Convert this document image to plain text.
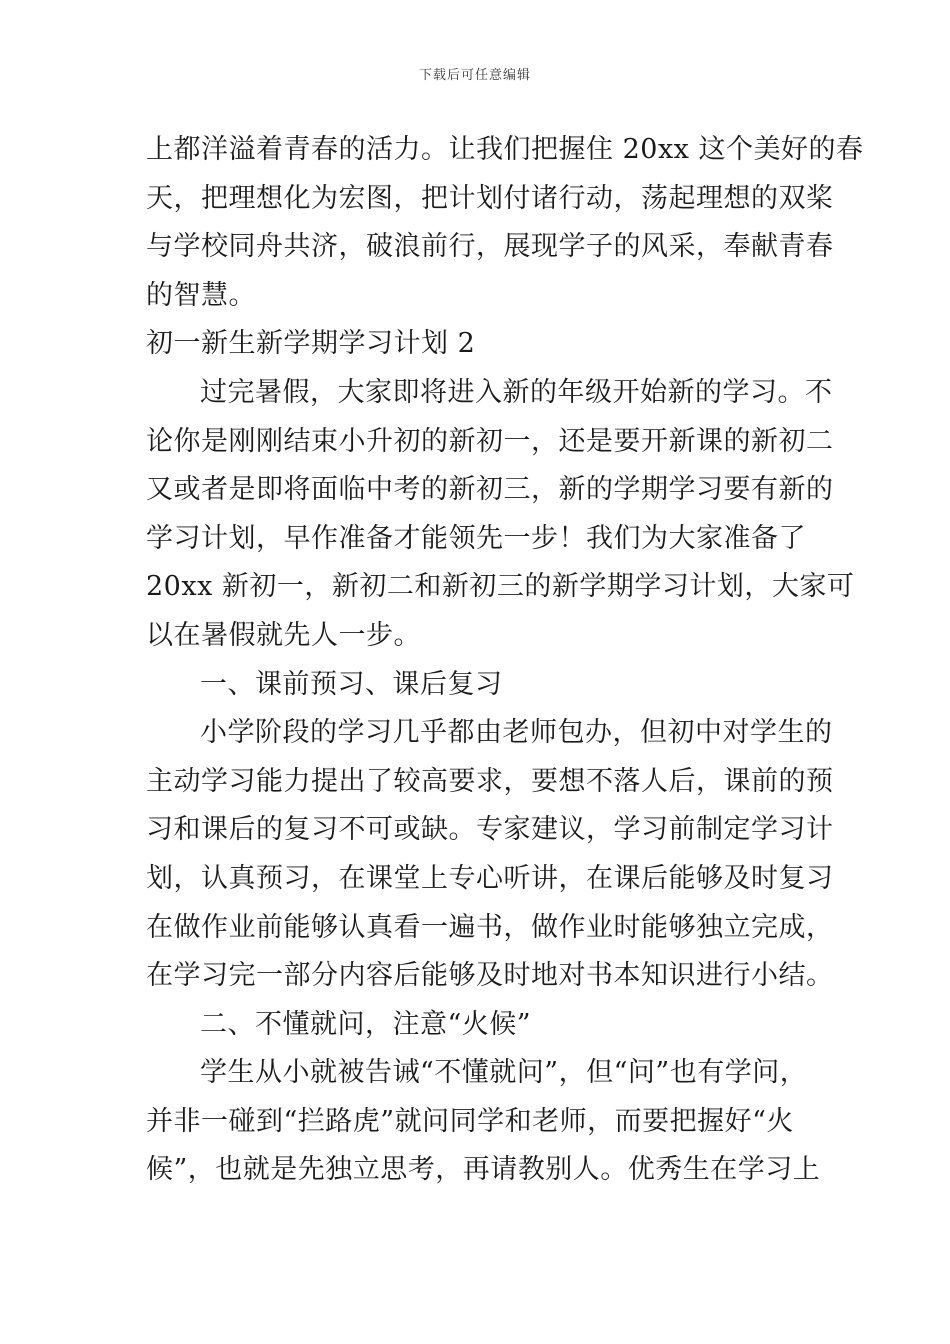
下载后可任意编辑
上都洋溢着青春的活力。让我们把握住 20xx 这个美好的春
天，把理想化为宏图，把计划付诸行动，荡起理想的双桨
与学校同舟共济，破浪前行，展现学子的风采，奉献青春
的智慧。
初一新生新学期学习计划 2
过完暑假，大家即将进入新的年级开始新的学习。不
论你是刚刚结束小升初的新初一，还是要开新课的新初二
又或者是即将面临中考的新初三，新的学期学习要有新的
学习计划，早作准备才能领先一步！我们为大家准备了
20xx 新初一，新初二和新初三的新学期学习计划，大家可
以在暑假就先人一步。
一、课前预习、课后复习
小学阶段的学习几乎都由老师包办，但初中对学生的
主动学习能力提出了较高要求，要想不落人后，课前的预
习和课后的复习不可或缺。专家建议，学习前制定学习计
划，认真预习，在课堂上专心听讲，在课后能够及时复习
在做作业前能够认真看一遍书，做作业时能够独立完成，
在学习完一部分内容后能够及时地对书本知识进行小结。
二、不懂就问，注意“火候”
学生从小就被告诫“不懂就问”，但“问”也有学问，
并非一碰到“拦路虎”就问同学和老师，而要把握好“火
候”，也就是先独立思考，再请教别人。优秀生在学习上
